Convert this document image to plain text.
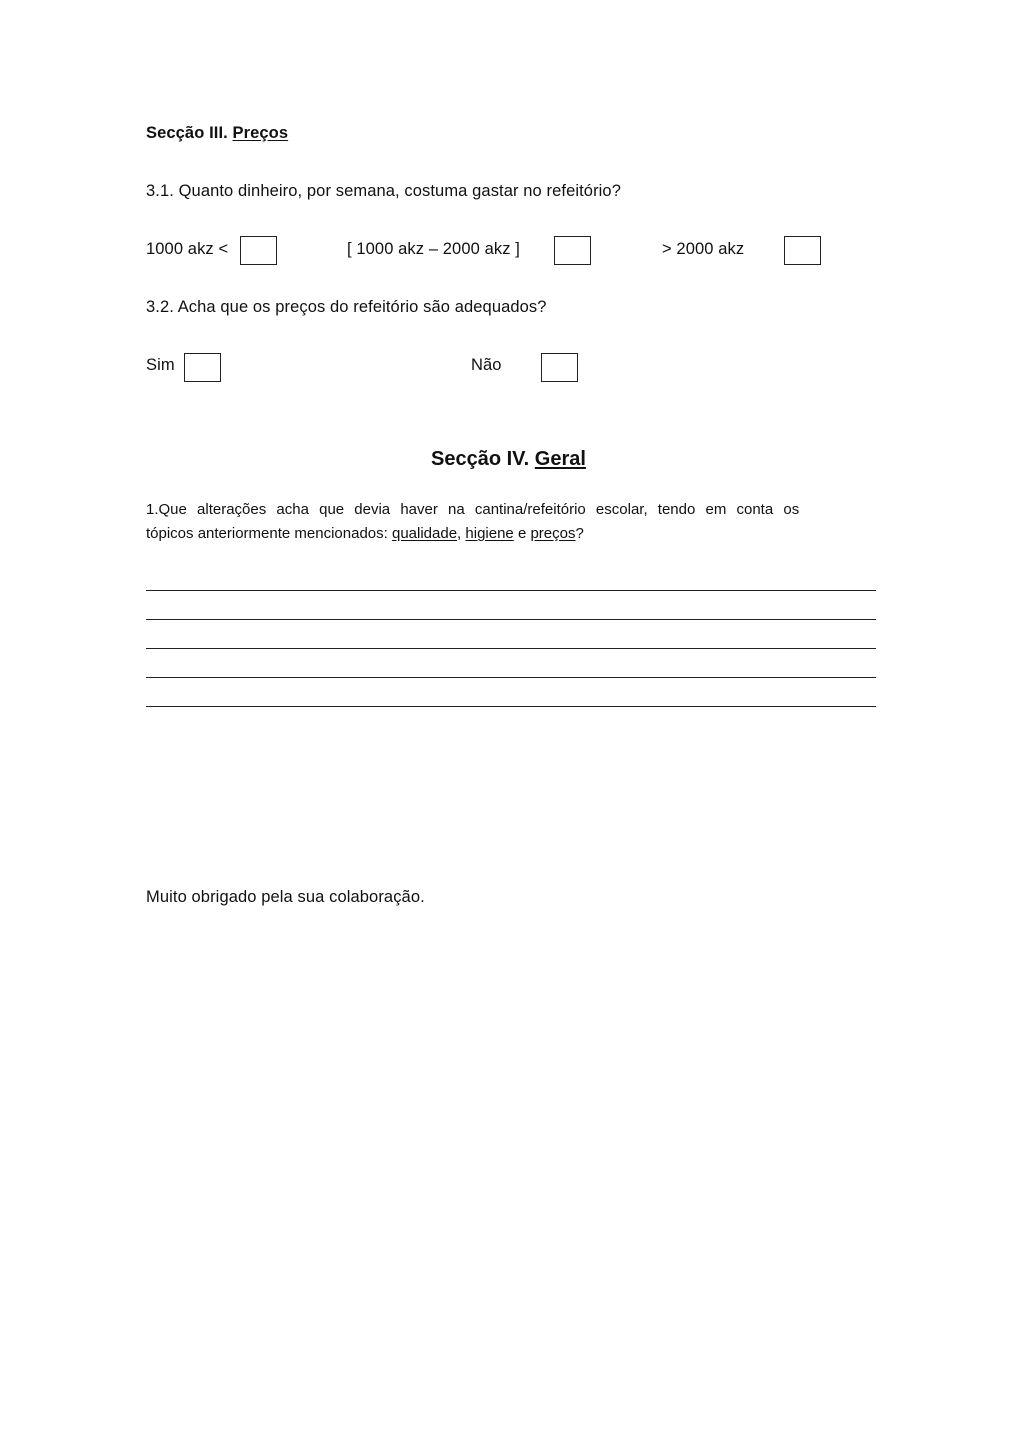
Secção III. Preços
3.1. Quanto dinheiro, por semana, costuma gastar no refeitório?
1000 akz <	[ 1000 akz – 2000 akz ]	> 2000 akz
3.2. Acha que os preços do refeitório são adequados?
Sim	Não
Secção IV. Geral
1.Que alterações acha que devia haver na cantina/refeitório escolar, tendo em conta os
tópicos anteriormente mencionados: qualidade, higiene e preços?
Muito obrigado pela sua colaboração.
